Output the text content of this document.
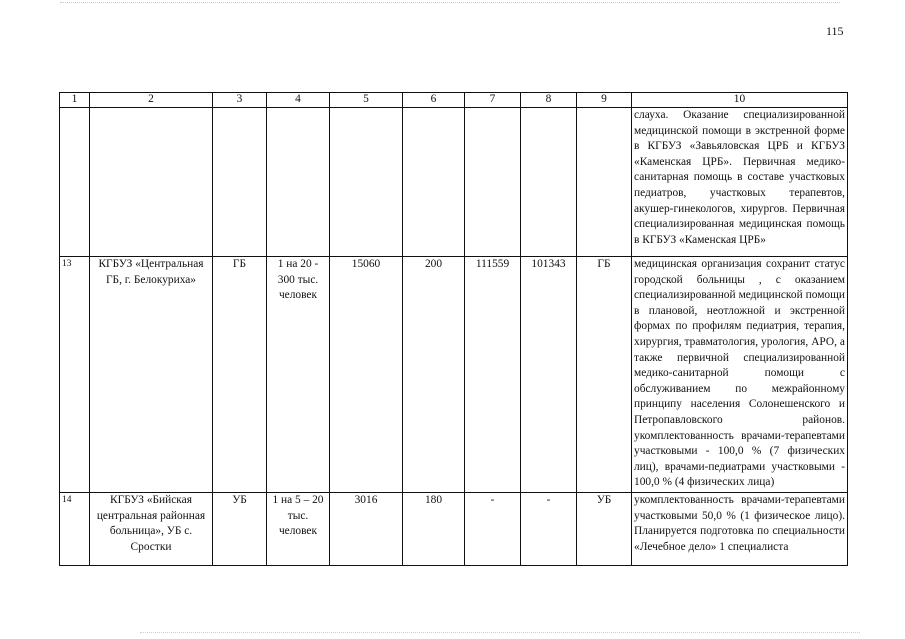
115
1	2	3	4	5	6	7	8	9	10
									слауха. Оказание специализированной медицинской помощи в экстренной форме в КГБУЗ «Завьяловская ЦРБ и КГБУЗ «Каменская ЦРБ». Первичная медико-санитарная помощь в составе участковых педиатров, участковых терапевтов, акушер-гинекологов, хирургов. Первичная специализированная медицинская помощь в КГБУЗ «Каменская ЦРБ»
13	КГБУЗ «Центральная ГБ, г. Белокуриха»	ГБ	1 на 20 - 300 тыс. человек	15060	200	111559	101343	ГБ	медицинская организация сохранит статус городской больницы , с оказанием специализированной медицинской помощи в плановой, неотложной и экстренной формах по профилям педиатрия, терапия, хирургия, травматология, урология, АРО, а также первичной специализированной медико-санитарной помощи с обслуживанием по межрайонному принципу населения Солонешенского и Петропавловского районов. укомплектованность врачами-терапевтами участковыми - 100,0 % (7 физических лиц), врачами-педиатрами участковыми - 100,0 % (4 физических лица)
14	КГБУЗ «Бийская центральная районная больница», УБ с. Сростки	УБ	1 на 5 – 20 тыс. человек	3016	180	-	-	УБ	укомплектованность врачами-терапевтами участковыми 50,0 % (1 физическое лицо). Планируется подготовка по специальности «Лечебное дело» 1 специалиста
